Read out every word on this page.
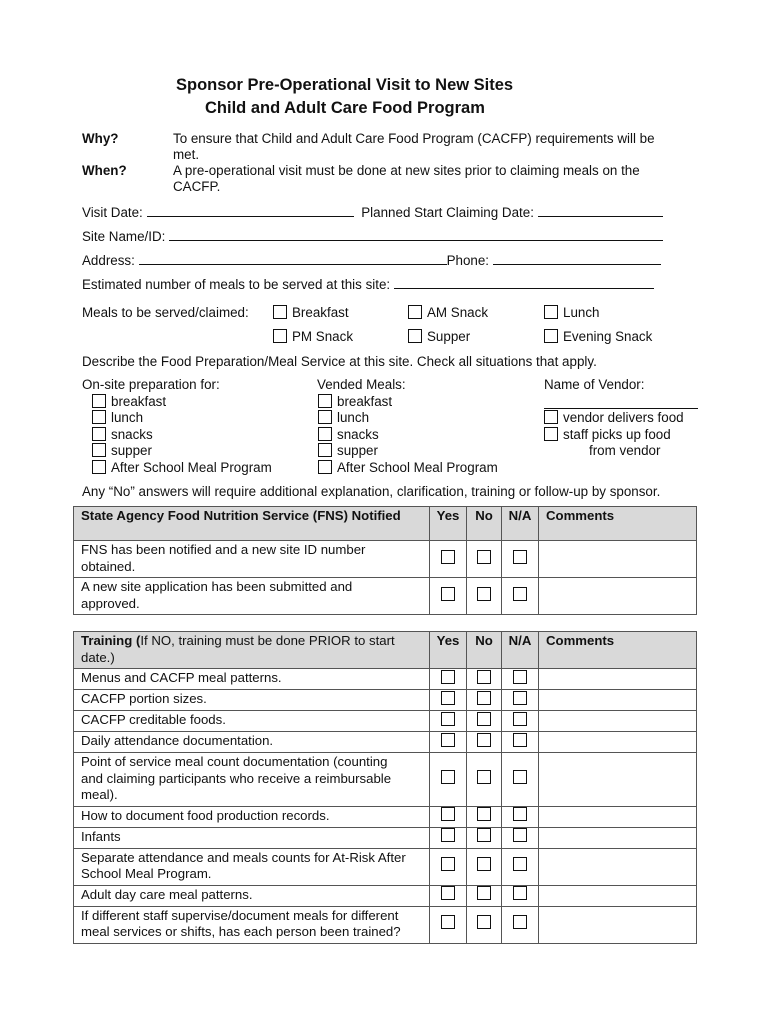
Sponsor Pre-Operational Visit to New Sites
Child and Adult Care Food Program
Why?	To ensure that Child and Adult Care Food Program (CACFP) requirements will be
met.
When?	A pre-operational visit must be done at new sites prior to claiming meals on the
CACFP.
Visit Date:	Planned Start Claiming Date:
Site Name/ID:
Address:	Phone:
Estimated number of meals to be served at this site:
Meals to be served/claimed:	Breakfast	AM Snack	Lunch
PM Snack	Supper	Evening Snack
Describe the Food Preparation/Meal Service at this site. Check all situations that apply.
On-site preparation for:
breakfast
lunch
snacks
supper
After School Meal Program
Vended Meals:
breakfast
lunch
snacks
supper
After School Meal Program
Name of Vendor:
vendor delivers food
staff picks up food
from vendor
Any “No” answers will require additional explanation, clarification, training or follow-up by sponsor.
State Agency Food Nutrition Service (FNS) Notified	Yes	No	N/A	Comments

FNS has been notified and a new site ID number
obtained.				

A new site application has been submitted and
approved.				

Training (If NO, training must be done PRIOR to start
date.)	Yes	No	N/A	Comments

Menus and CACFP meal patterns.				

CACFP portion sizes.				

CACFP creditable foods.				

Daily attendance documentation.				

Point of service meal count documentation (counting
and claiming participants who receive a reimbursable
meal).				

How to document food production records.				

Infants				

Separate attendance and meals counts for At-Risk After
School Meal Program.				

Adult day care meal patterns.				

If different staff supervise/document meals for different
meal services or shifts, has each person been trained?				
